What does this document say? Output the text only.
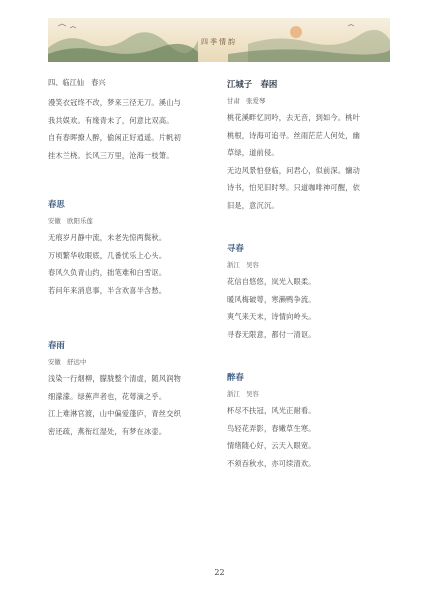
四季情韵
四、临江仙　春兴
漫笑衣冠终不改，梦来三径无刀。溪山与
我共娱欢。有缘青未了，何意比双高。
自有春晖撩人醉，偷闲正好逍遥。片帆初
挂木兰桡。长风三万里，沧海一枝箫。
春思
安徽　欧阳乐莲
无痕岁月静中流，未老先惊两鬓秋。
万顷繁华收眼底，几番忧乐上心头。
春风久负青山约，拙笔难和白雪讴。
若问年来消息事，半含欢喜半含愁。
春雨
安徽　舒远中
浅染一行烟柳，朦胧整个清虚，随风润物
细濛濛。绿蕉声者也，花萼滴之乎。
江上难淋官渡，山中偏爱蓬庐，青丝交织
密还疏，燕衔红湿处，有梦在冰壶。
江城子　春困
甘肃　张爱琴
桃花溪畔忆同吟，去无音，到如今。桃叶
桃根，诗海可追寻。丝雨茫茫人何处，幽
草绿，道前侵。
无边风景怕登临，问君心，似前深。慵动
诗书，怕见旧时琴。只道咖啡神可醒，依
旧是，意沉沉。
寻春
浙江　吴容
花信自悠悠，岚光入眼柔。
暖风梅破萼，寒濑鸭争流。
爽气来天末，诗情向岭头。
寻春无限意，都付一清讴。
醉春
浙江　吴容
杯尽不扶冠，风光正耐看。
鸟轻花弄影，春嫩草生寒。
情绪随心好，云天入眼宽。
不须吞秋水，亦可续清欢。
22
